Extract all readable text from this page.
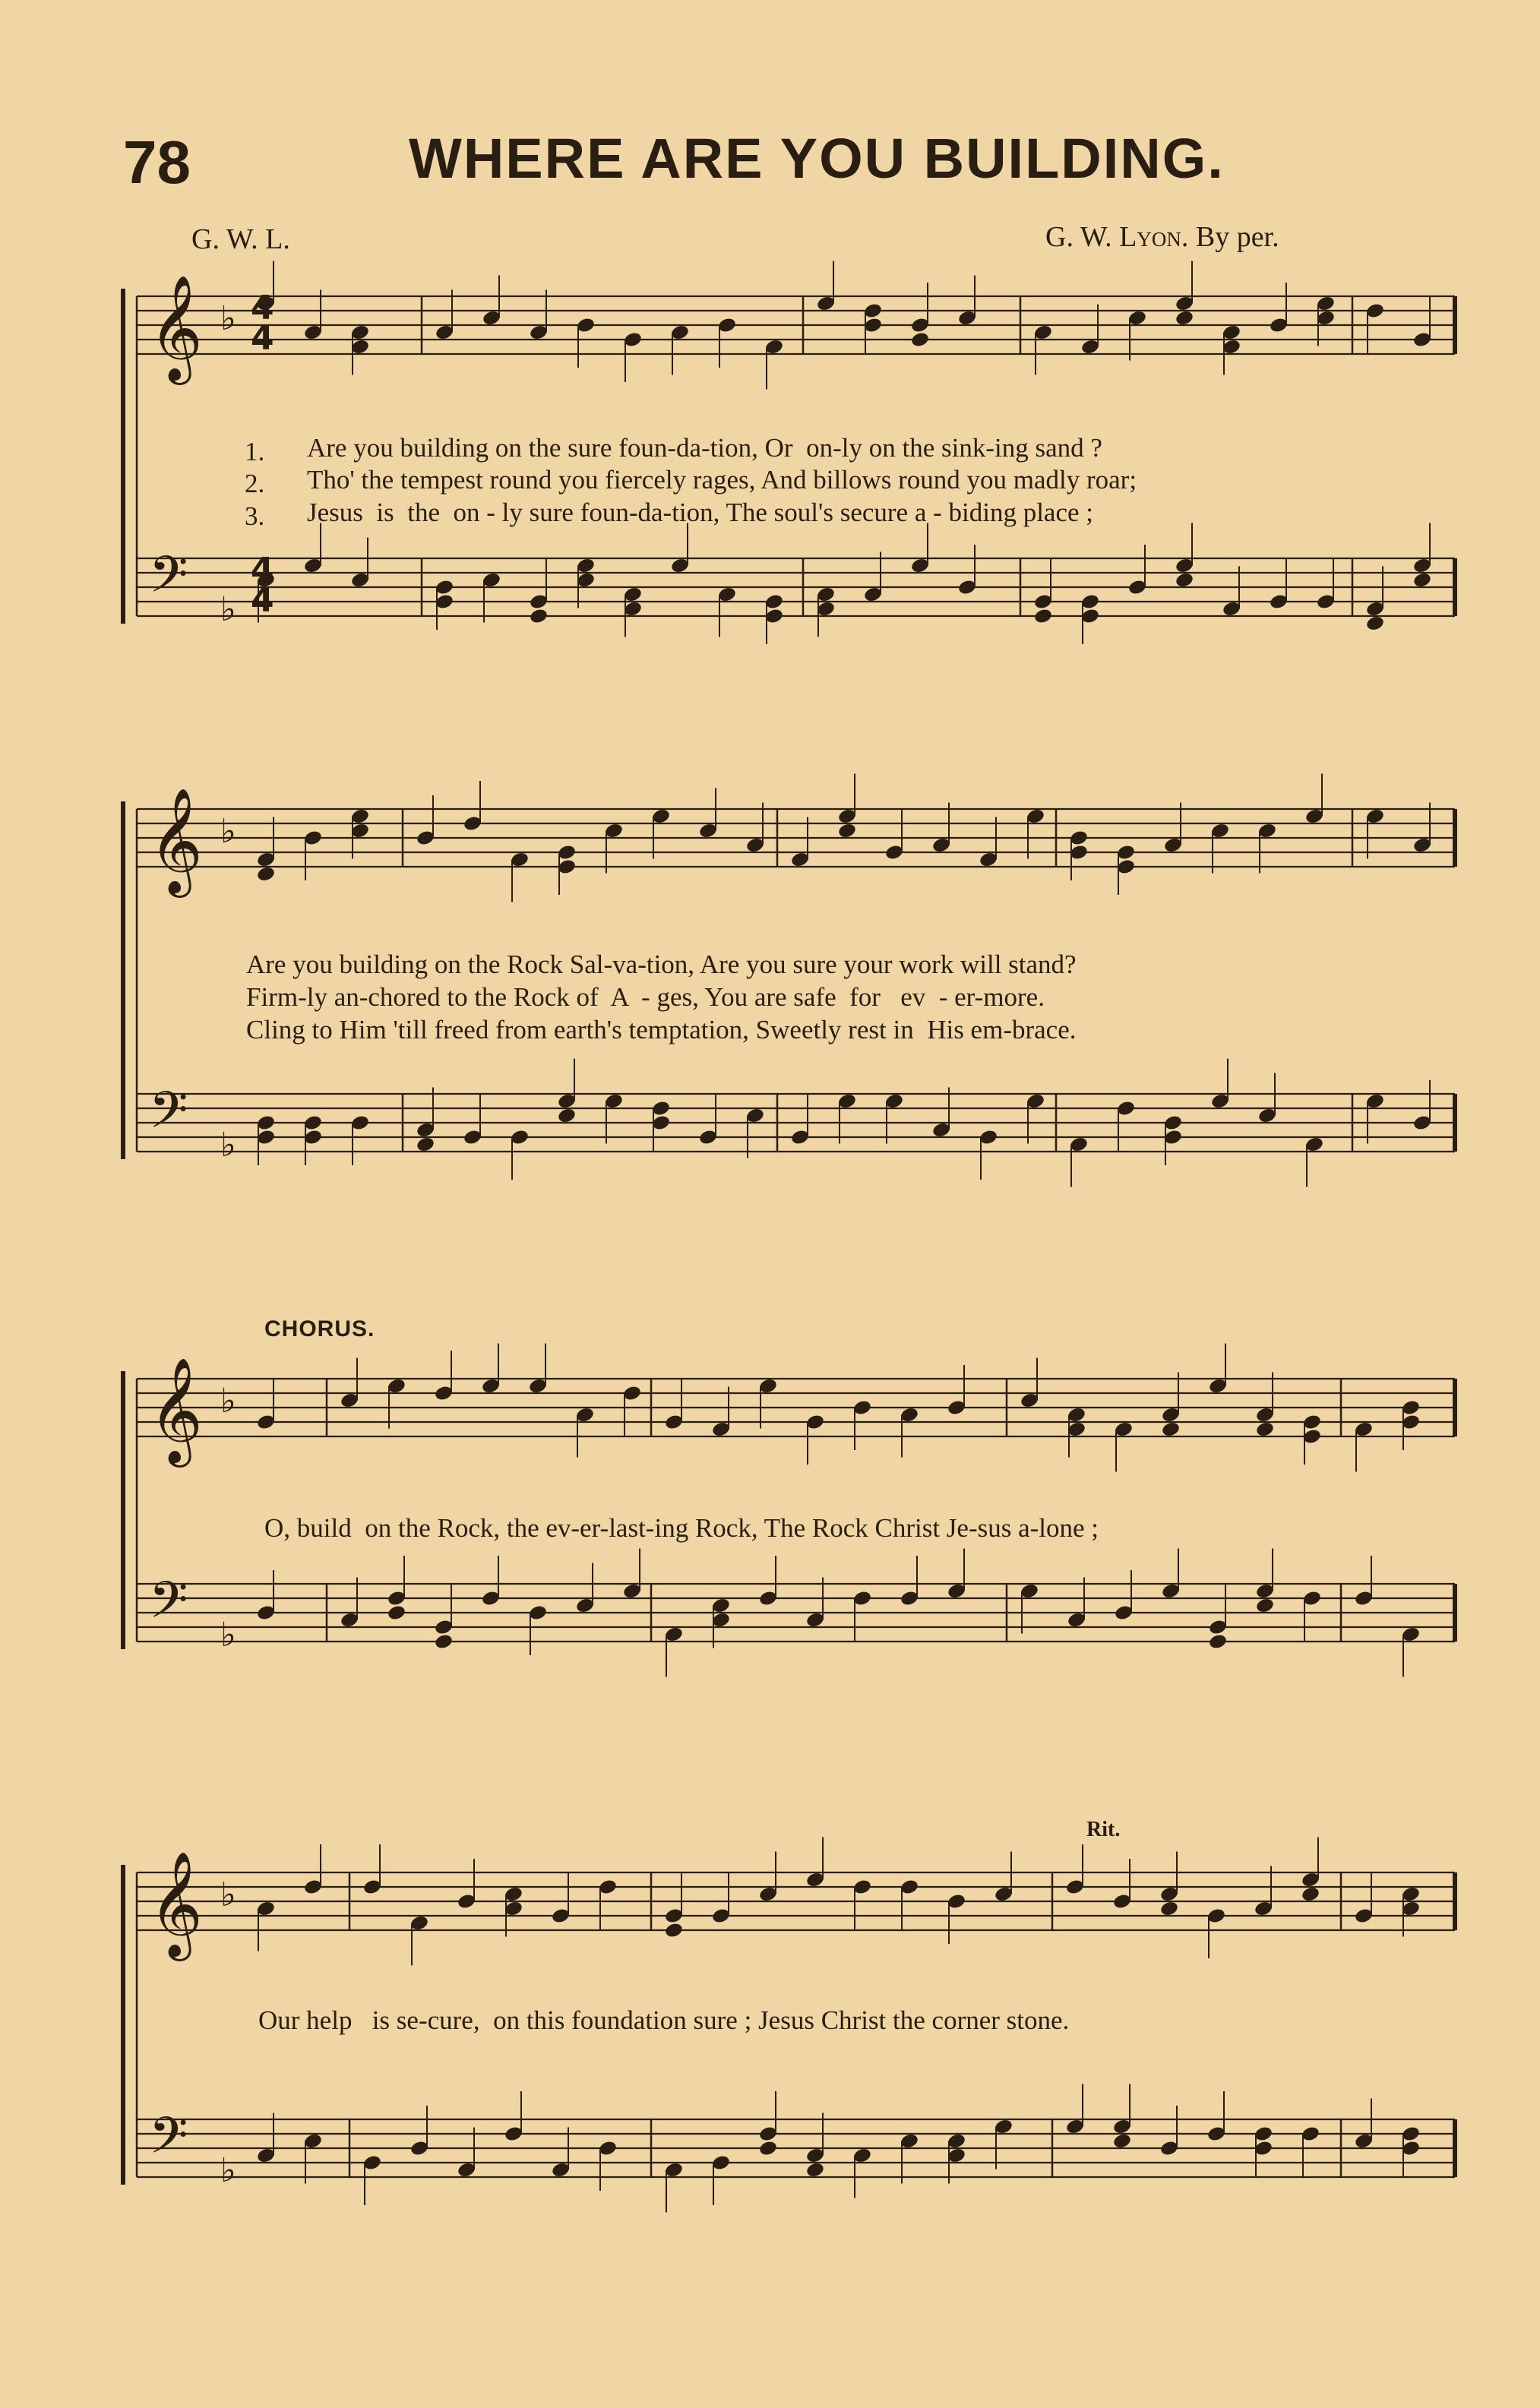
78	WHERE ARE YOU BUILDING.
G. W. L.	G. W. Lyon. By per.
𝄞
𝄢
♭
♭
𝄞
𝄢
♭
♭
𝄞
𝄢
♭
♭
𝄞
𝄢
♭
♭
4
4
4
4
1. Are you building on the sure foun-da-tion, Or  on-ly on the sink-ing sand ?
2. Tho' the tempest round you fiercely rages, And billows round you madly roar;
3. Jesus  is  the  on - ly sure foun-da-tion, The soul's secure a - biding place ;
Are you building on the Rock Sal-va-tion, Are you sure your work will stand?
Firm-ly an-chored to the Rock of  A  - ges, You are safe  for   ev  - er-more.
Cling to Him 'till freed from earth's temptation, Sweetly rest in  His em-brace.
CHORUS.
O, build  on the Rock, the ev-er-last-ing Rock, The Rock Christ Je-sus a-lone ;
Rit.
Our help   is se-cure,  on this foundation sure ; Jesus Christ the corner stone.
